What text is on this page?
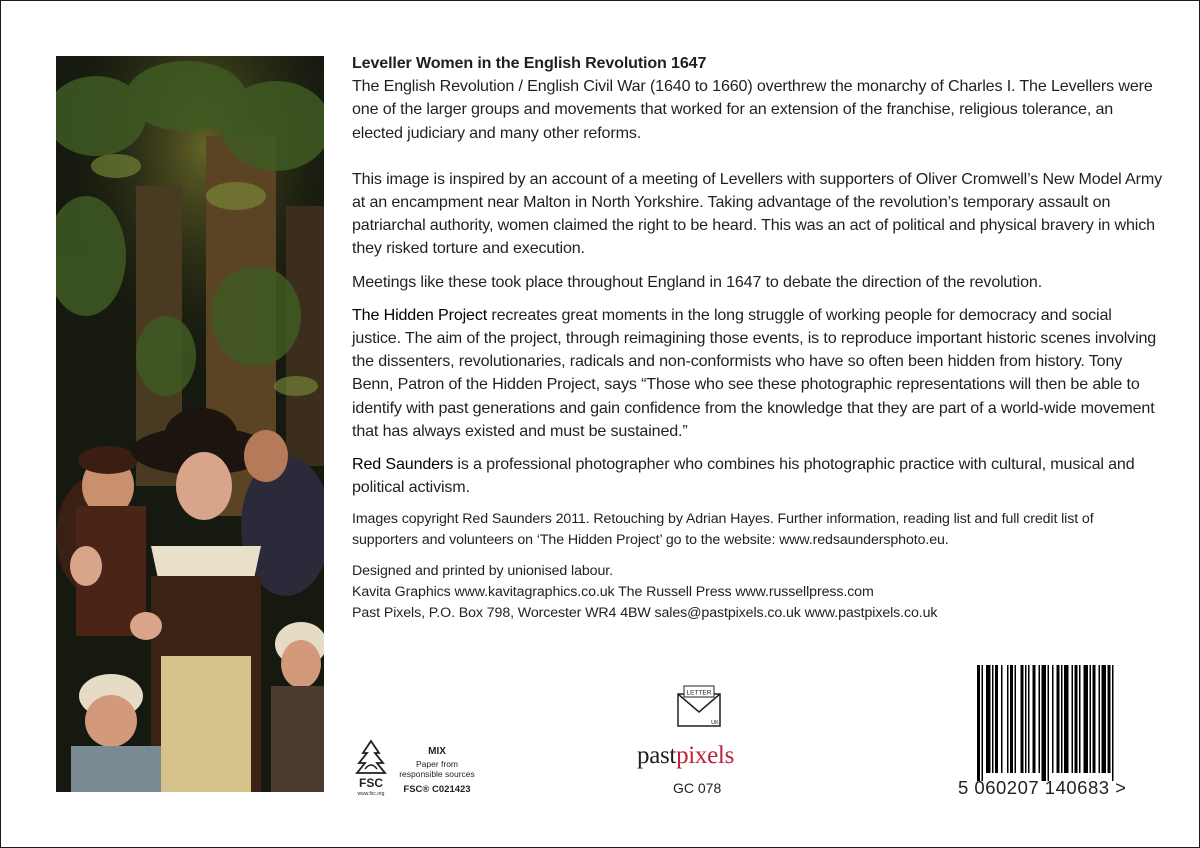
Leveller Women in the English Revolution 1647

The English Revolution / English Civil War (1640 to 1660) overthrew the monarchy of Charles I. The Levellers were one of the larger groups and movements that worked for an extension of the franchise, religious tolerance, an elected judiciary and many other reforms.

This image is inspired by an account of a meeting of Levellers with supporters of Oliver Cromwell’s New Model Army at an encampment near Malton in North Yorkshire. Taking advantage of the revolution’s temporary assault on patriarchal authority, women claimed the right to be heard. This was an act of political and physical bravery in which they risked torture and execution.

Meetings like these took place throughout England in 1647 to debate the direction of the revolution.

The Hidden Project recreates great moments in the long struggle of working people for democracy and social justice. The aim of the project, through reimagining those events, is to reproduce important historic scenes involving the dissenters, revolutionaries, radicals and non-conformists who have so often been hidden from history. Tony Benn, Patron of the Hidden Project, says “Those who see these photographic representations will then be able to identify with past generations and gain confidence from the knowledge that they are part of a world-wide movement that has always existed and must be sustained.”

Red Saunders is a professional photographer who combines his photographic practice with cultural, musical and political activism.

Images copyright Red Saunders 2011. Retouching by Adrian Hayes. Further information, reading list and full credit list of supporters and volunteers on ‘The Hidden Project’ go to the website: www.redsaundersphoto.eu.

Designed and printed by unionised labour.

Kavita Graphics www.kavitagraphics.co.uk The Russell Press www.russellpress.com

Past Pixels, P.O. Box 798, Worcester WR4 4BW sales@pastpixels.co.uk www.pastpixels.co.uk

FSC
www.fsc.org
MIX
Paper from responsible sources
FSC® C021423
LETTER
UK
pastpixels
GC 078	5 060207 140683 >
